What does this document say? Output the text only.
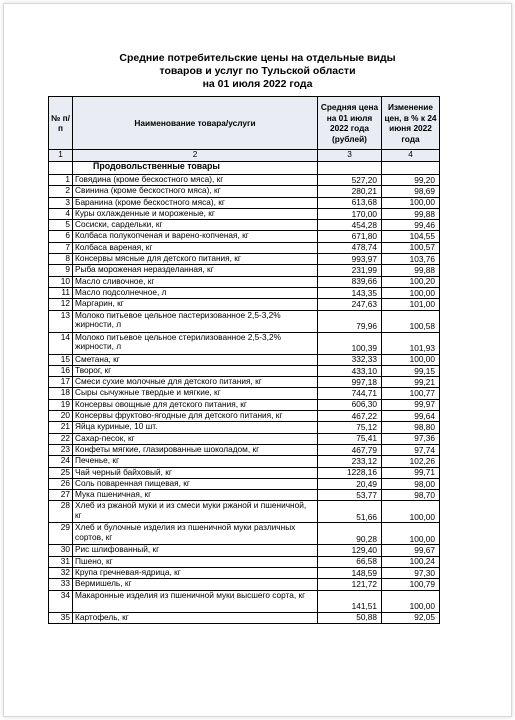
Средние потребительские цены на отдельные виды
товаров и услуг по Тульской области
на 01 июля 2022 года
№ п/п	Наименование товара/услуги	Средняя цена на 01 июля 2022 года (рублей)	Изменение цен, в % к 24 июня 2022 года
1	2	3	4
	Продовольственные товары		
1	Говядина (кроме бескостного мяса), кг	527,20	99,20
2	Свинина (кроме бескостного мяса), кг	280,21	98,69
3	Баранина (кроме бескостного мяса), кг	613,68	100,00
4	Куры охлажденные и мороженые, кг	170,00	99,88
5	Сосиски, сардельки, кг	454,28	99,46
6	Колбаса полукопченая и варено-копченая, кг	671,80	104,55
7	Колбаса вареная, кг	478,74	100,57
8	Консервы мясные для детского питания, кг	993,97	103,76
9	Рыба мороженая неразделанная, кг	231,99	99,88
10	Масло сливочное, кг	839,66	100,20
11	Масло подсолнечное, л	143,35	100,00
12	Маргарин, кг	247,63	101,00
13	Молоко питьевое цельное пастеризованное 2,5-3,2% жирности, л	79,96	100,58
14	Молоко питьевое цельное стерилизованное 2,5-3,2% жирности, л	100,39	101,93
15	Сметана, кг	332,33	100,00
16	Творог, кг	433,10	99,15
17	Смеси сухие молочные для детского питания, кг	997,18	99,21
18	Сыры сычужные твердые и мягкие, кг	744,71	100,77
19	Консервы овощные для детского питания, кг	606,30	99,97
20	Консервы фруктово-ягодные для детского питания, кг	467,22	99,64
21	Яйца куриные, 10 шт.	75,12	98,80
22	Сахар-песок, кг	75,41	97,36
23	Конфеты мягкие, глазированные шоколадом, кг	467,79	97,74
24	Печенье, кг	233,12	102,26
25	Чай черный байховый, кг	1228,16	99,71
26	Соль поваренная пищевая, кг	20,49	98,00
27	Мука пшеничная, кг	53,77	98,70
28	Хлеб из ржаной муки и из смеси муки ржаной и пшеничной, кг	51,66	100,00
29	Хлеб и булочные изделия из пшеничной муки различных сортов, кг	90,28	100,00
30	Рис шлифованный, кг	129,40	99,67
31	Пшено, кг	66,58	100,24
32	Крупа гречневая-ядрица, кг	148,59	97,30
33	Вермишель, кг	121,72	100,79
34	Макаронные изделия из пшеничной муки высшего сорта, кг	141,51	100,00
35	Картофель, кг	50,88	92,05
